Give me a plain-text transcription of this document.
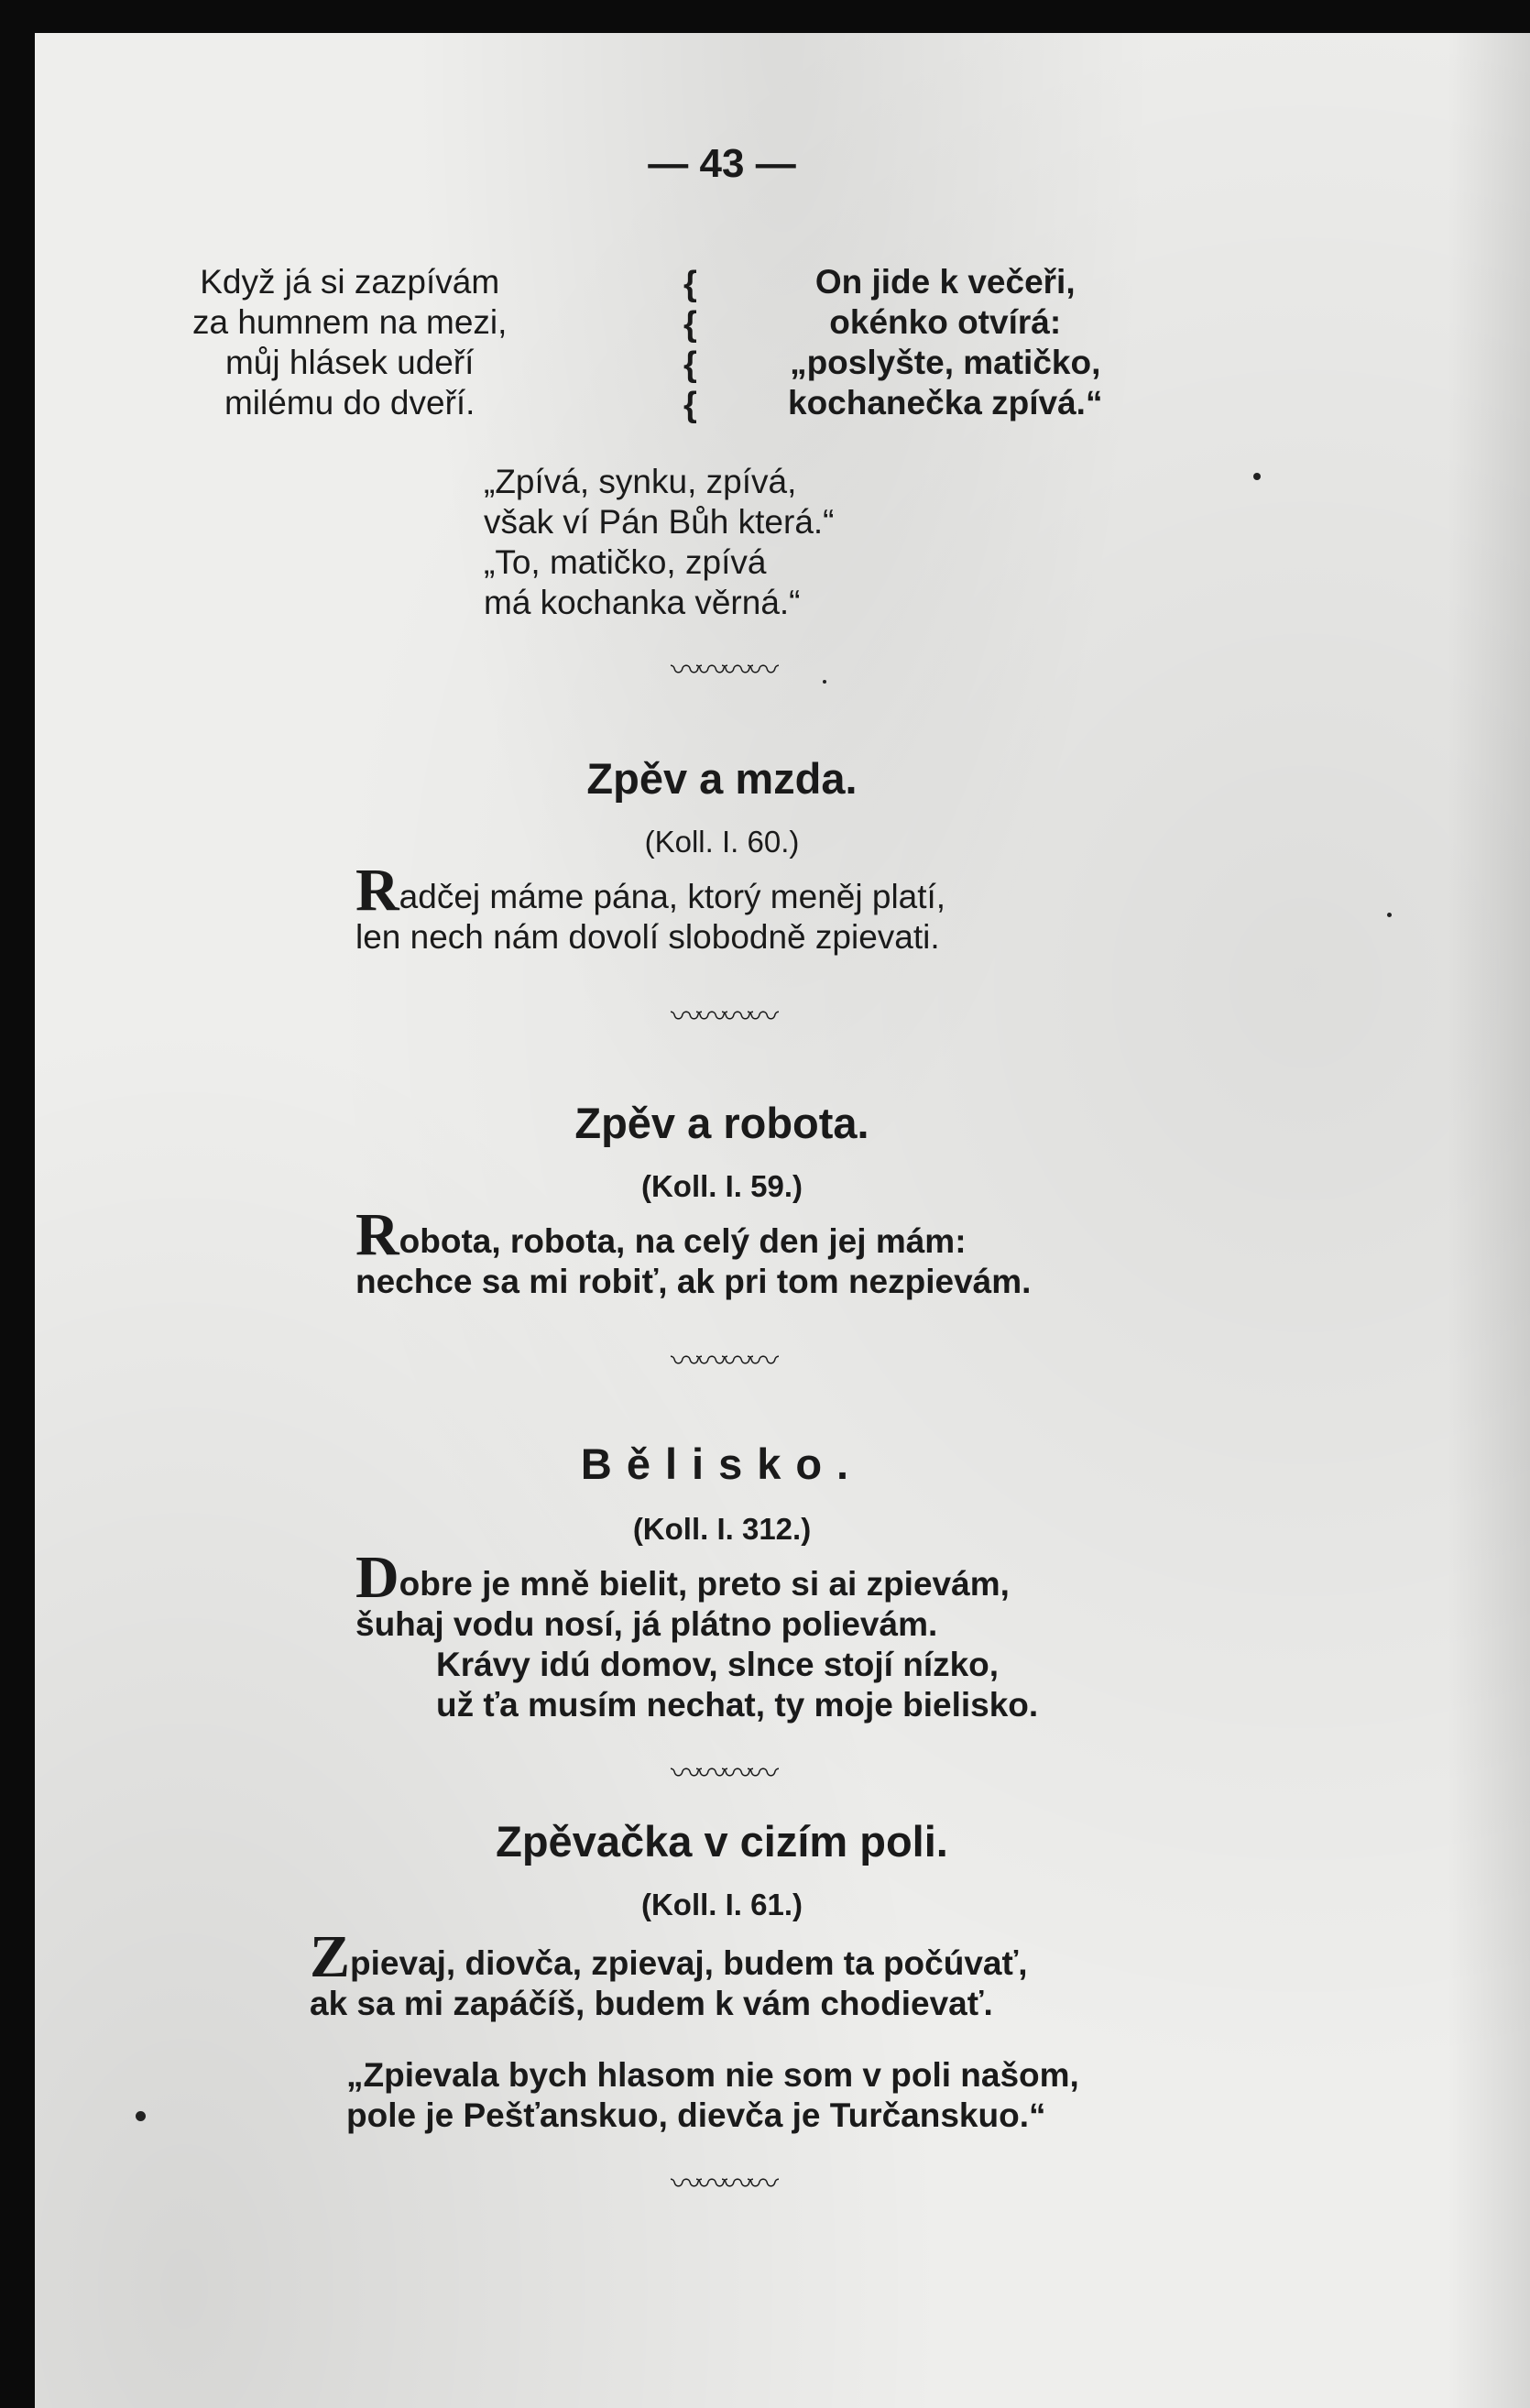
— 43 —
Když já si zazpívám
za humnem na mezi,
můj hlásek udeří
milému do dveří.
{
{
{
{
On jide k večeři,
okénko otvírá:
„poslyšte, matičko,
kochanečka zpívá.“
„Zpívá, synku, zpívá,
však ví Pán Bůh která.“
„To, matičko, zpívá
má kochanka věrná.“
〰〰〰〰
Zpěv a mzda.
(Koll. I. 60.)
Radčej máme pána, ktorý meněj platí,
len nech nám dovolí slobodně zpievati.
〰〰〰〰
Zpěv a robota.
(Koll. I. 59.)
Robota, robota, na celý den jej mám:
nechce sa mi robiť, ak pri tom nezpievám.
〰〰〰〰
Bělisko.
(Koll. I. 312.)
Dobre je mně bielit, preto si ai zpievám,
šuhaj vodu nosí, já plátno polievám.
Krávy idú domov, slnce stojí nízko,
už ťa musím nechat, ty moje bielisko.
〰〰〰〰
Zpěvačka v cizím poli.
(Koll. I. 61.)
Zpievaj, diovča, zpievaj, budem ta počúvať,
ak sa mi zapáčíš, budem k vám chodievať.
„Zpievala bych hlasom nie som v poli našom,
pole je Pešťanskuo, dievča je Turčanskuo.“
〰〰〰〰
